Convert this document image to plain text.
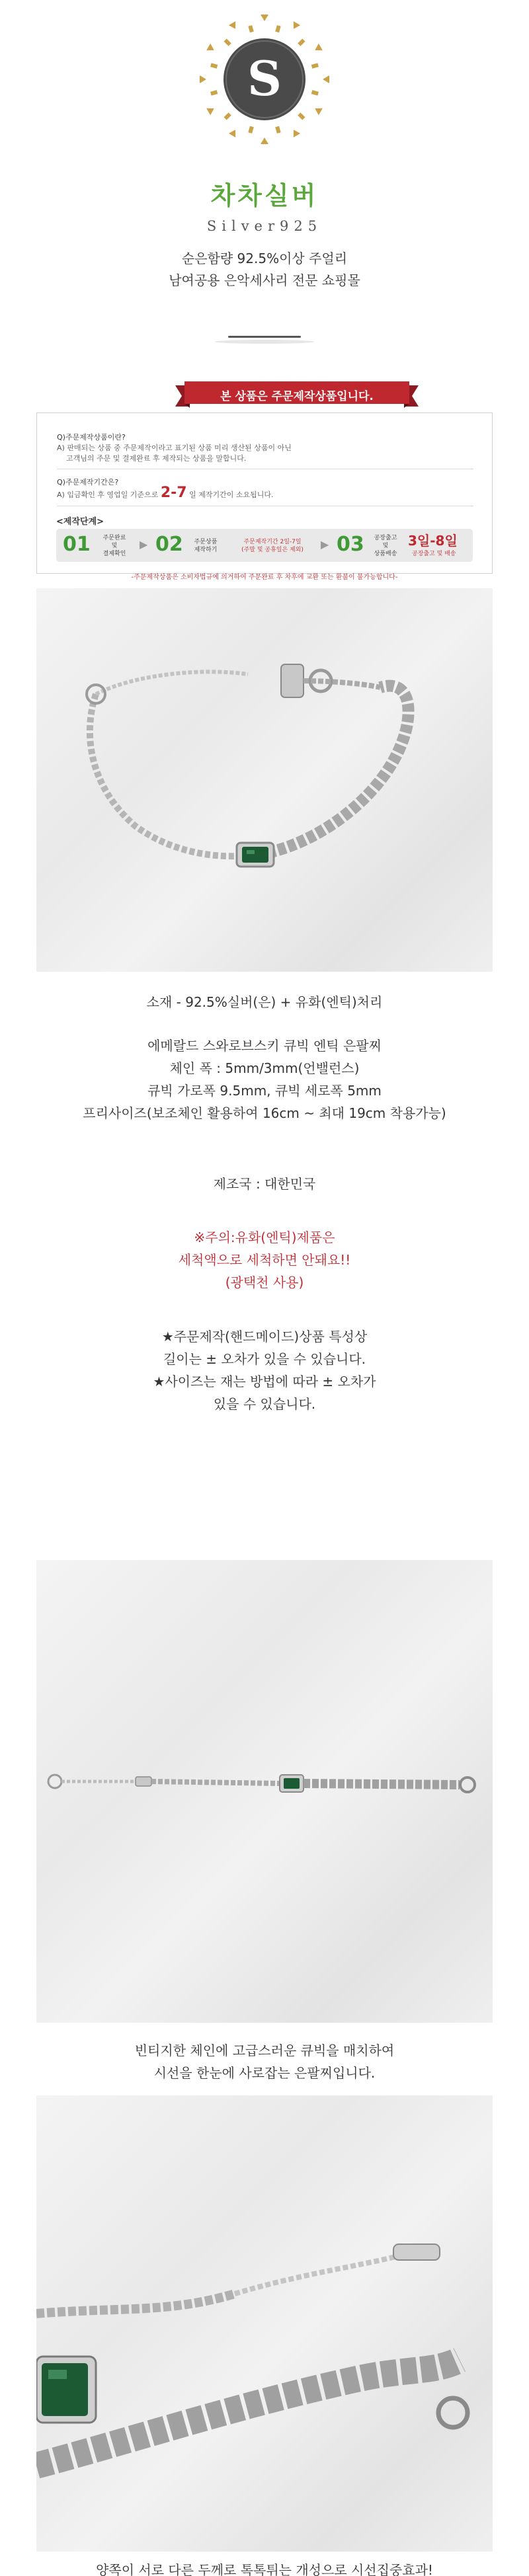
S
차차실버
Silver925
순은함량 92.5%이상 주얼리
남여공용 은악세사리 전문 쇼핑몰
Q)주문제작상품이란?
A) 판매되는 상품 중 주문제작이라고 표기된 상품 미리 생산된 상품이 아닌
고객님의 주문 및 결제완료 후 제작되는 상품을 말합니다.
Q)주문제작기간은?
A) 입금확인 후 영업일 기준으로 2-7 일 제작기간이 소요됩니다.
본 상품은 주문제작상품입니다.
<제작단계>
01	주문완료
및
결제확인
▶ 02	주문상품
제작하기
주문제작기간 2일-7일
(주말 및 공휴일은 제외)	▶ 03	공장출고
및
상품배송
3일-8일
공장출고 및 배송
-주문제작상품은 소비자법규에 의거하여 주문완료 후 차후에 교환 또는 환불이 불가능합니다-
소재 - 92.5%실버(은) + 유화(엔틱)처리
에메랄드 스와로브스키 큐빅 엔틱 은팔찌
체인 폭 : 5mm/3mm(언밸런스)
큐빅 가로폭 9.5mm, 큐빅 세로폭 5mm
프리사이즈(보조체인 활용하여 16cm ~ 최대 19cm 착용가능)
제조국 : 대한민국
※주의:유화(엔틱)제품은
세척액으로 세척하면 안돼요!!
(광택천 사용)
★주문제작(핸드메이드)상품 특성상
길이는 ± 오차가 있을 수 있습니다.
★사이즈는 재는 방법에 따라 ± 오차가
있을 수 있습니다.
빈티지한 체인에 고급스러운 큐빅을 매치하여
시선을 한눈에 사로잡는 은팔찌입니다.
양쪽이 서로 다른 두께로 톡톡튀는 개성으로 시선집중효과!
